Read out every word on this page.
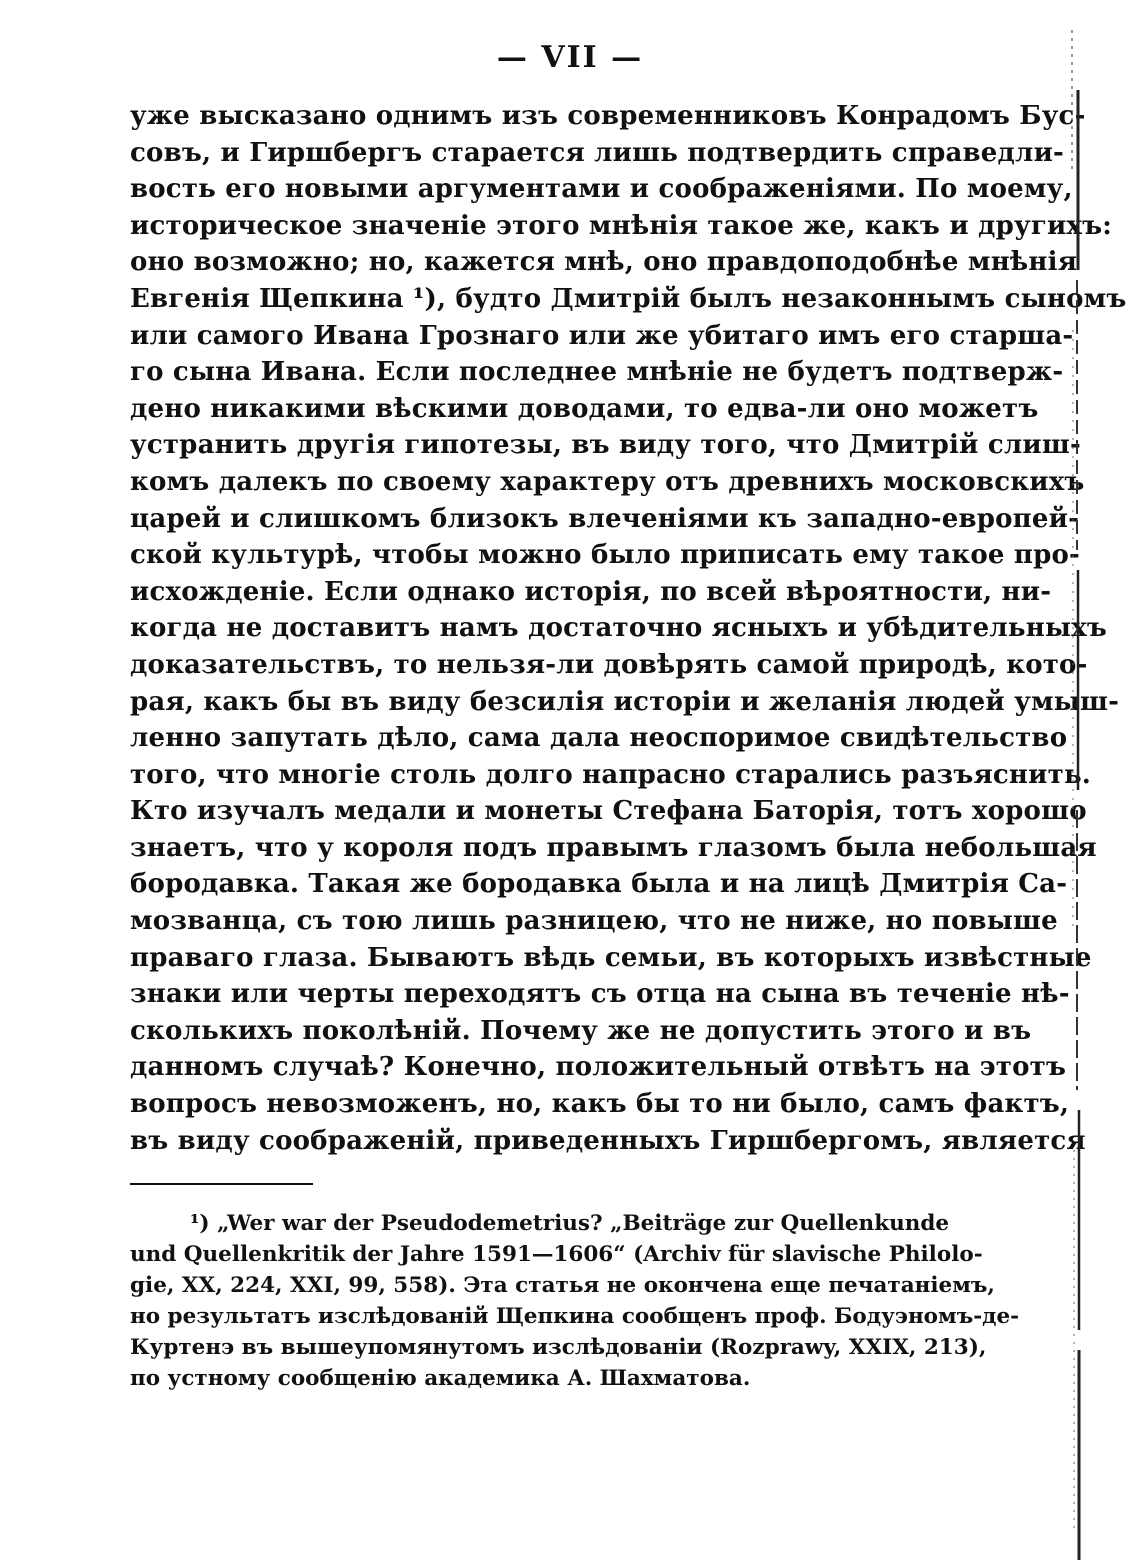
— VII —
уже высказано однимъ изъ современниковъ Конрадомъ Бус-
совъ, и Гиршбергъ старается лишь подтвердить справедли-
вость его новыми аргументами и соображеніями. По моему,
историческое значеніе этого мнѣнія такое же, какъ и другихъ:
оно возможно; но, кажется мнѣ, оно правдоподобнѣе мнѣнія
Евгенія Щепкина ¹), будто Дмитрій былъ незаконнымъ сыномъ
или самого Ивана Грознаго или же убитаго имъ его старша-
го сына Ивана. Если последнее мнѣніе не будетъ подтверж-
дено никакими вѣскими доводами, то едва-ли оно можетъ
устранить другія гипотезы, въ виду того, что Дмитрій слиш-
комъ далекъ по своему характеру отъ древнихъ московскихъ
царей и слишкомъ близокъ влеченіями къ западно-европей-
ской культурѣ, чтобы можно было приписать ему такое про-
исхожденіе. Если однако исторія, по всей вѣроятности, ни-
когда не доставитъ намъ достаточно ясныхъ и убѣдительныхъ
доказательствъ, то нельзя-ли довѣрять самой природѣ, кото-
рая, какъ бы въ виду безсилія исторіи и желанія людей умыш-
ленно запутать дѣло, сама дала неоспоримое свидѣтельство
того, что многіе столь долго напрасно старались разъяснить.
Кто изучалъ медали и монеты Стефана Баторія, тотъ хорошо
знаетъ, что у короля подъ правымъ глазомъ была небольшая
бородавка. Такая же бородавка была и на лицѣ Дмитрія Са-
мозванца, съ тою лишь разницею, что не ниже, но повыше
праваго глаза. Бываютъ вѣдь семьи, въ которыхъ извѣстные
знаки или черты переходятъ съ отца на сына въ теченіе нѣ-
сколькихъ поколѣній. Почему же не допустить этого и въ
данномъ случаѣ? Конечно, положительный отвѣтъ на этотъ
вопросъ невозможенъ, но, какъ бы то ни было, самъ фактъ,
въ виду соображеній, приведенныхъ Гиршбергомъ, является
¹) „Wer war der Pseudodemetrius? „Beiträge zur Quellenkunde
und Quellenkritik der Jahre 1591—1606“ (Archiv für slavische Philolo-
gie, XX, 224, XXI, 99, 558). Эта статья не окончена еще печатаніемъ,
но результатъ изслѣдованій Щепкина сообщенъ проф. Бодуэномъ-де-
Куртенэ въ вышеупомянутомъ изслѣдованіи (Rozprawy, XXIX, 213),
по устному сообщенію академика А. Шахматова.
